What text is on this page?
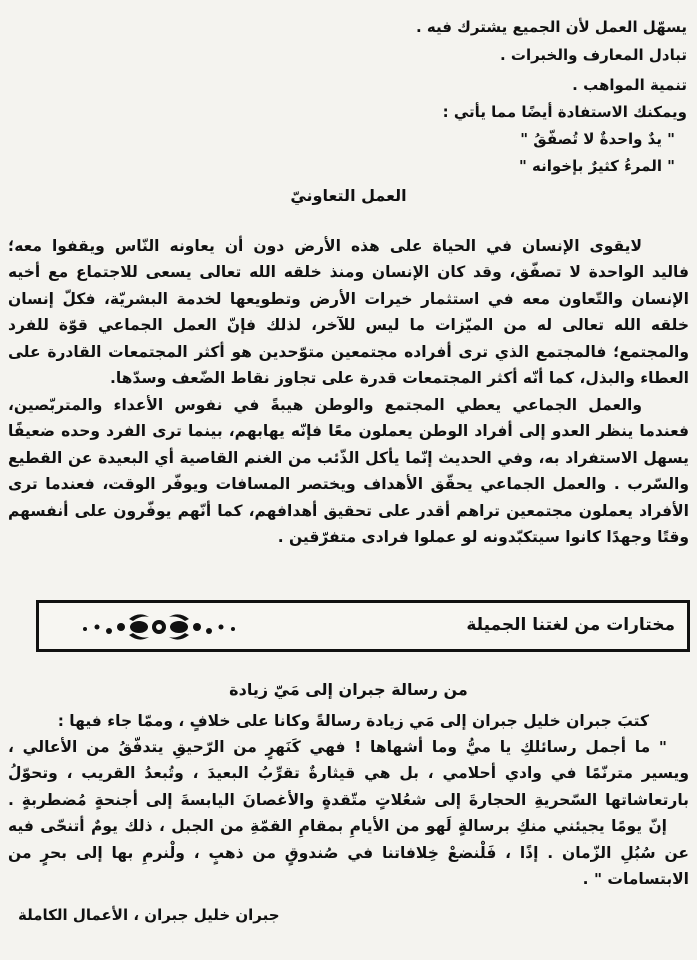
يسهّل العمل لأن الجميع يشترك فيه .
تبادل المعارف والخبرات .
تنمية المواهب .
ويمكنك الاستفادة أيضًا مما يأتي :
" يدٌ واحدةٌ لا تُصفّقُ "
" المرءُ كثيرٌ بإخوانه "
العمل التعاونيّ
لايقوى الإنسان في الحياة على هذه الأرض دون أن يعاونه النّاس ويقفوا معه؛
فاليد الواحدة لا تصفّق، وقد كان الإنسان ومنذ خلقه الله تعالى يسعى للاجتماع مع أخيه
الإنسان والتّعاون معه في استثمار خيرات الأرض وتطويعها لخدمة البشريّة، فكلّ إنسان
خلقه الله تعالى له من الميّزات ما ليس للآخر، لذلك فإنّ العمل الجماعي قوّة للفرد
والمجتمع؛ فالمجتمع الذي ترى أفراده مجتمعين متوّحدين هو أكثر المجتمعات القادرة على
العطاء والبذل، كما أنّه أكثر المجتمعات قدرة على تجاوز نقاط الضّعف وسدّها.
والعمل الجماعي يعطي المجتمع والوطن هيبةً في نفوس الأعداء والمتربّصين،
فعندما ينظر العدو إلى أفراد الوطن يعملون معًا فإنّه يهابهم، بينما ترى الفرد وحده ضعيفًا
يسهل الاستفراد به، وفي الحديث إنّما يأكل الذّئب من الغنم القاصية أي البعيدة عن القطيع
والسّرب . والعمل الجماعي يحقّق الأهداف ويختصر المسافات ويوفّر الوقت، فعندما ترى
الأفراد يعملون مجتمعين تراهم أقدر على تحقيق أهدافهم، كما أنّهم يوفّرون على أنفسهم
وقتًا وجهدًا كانوا سيتكبّدونه لو عملوا فرادى متفرّقين .
مختارات من لغتنا الجميلة
من رسالة جبران إلى مَيّ زيادة
كتبَ جبران خليل جبران إلى مَي زيادة رسالةً وكانا على خلافٍ ، وممّا جاء فيها :
" ما أجمل رسائلكِ يا ميُّ وما أشهاها ! فهي كَنَهرٍ من الرّحيقِ يتدفّقُ من الأعالي ،
ويسير مترنّمًا في وادي أحلامي ، بل هي قيثارةٌ تقرِّبُ البعيدَ ، وتُبعدُ القريب ، وتحوّلُ
بارتعاشاتها السّحريةِ الحجارةَ إلى شعُلاتٍ متّقدةٍ والأغصانَ اليابسةَ إلى أجنحةٍ مُضطربةٍ .
إنّ يومًا يجيئني منكِ برسالةٍ لَهو من الأيامِ بمقامِ القمّةِ من الجبل ، ذلك يومٌ أتنحّى فيه
عن سُبُلِ الزّمان . إذًا ، فَلْنضعْ خِلافاتنا في صُندوقٍ من ذهبٍ ، ولْنرمِ بها إلى بحرٍ من
الابتسامات " .
جبران خليل جبران ، الأعمال الكاملة
